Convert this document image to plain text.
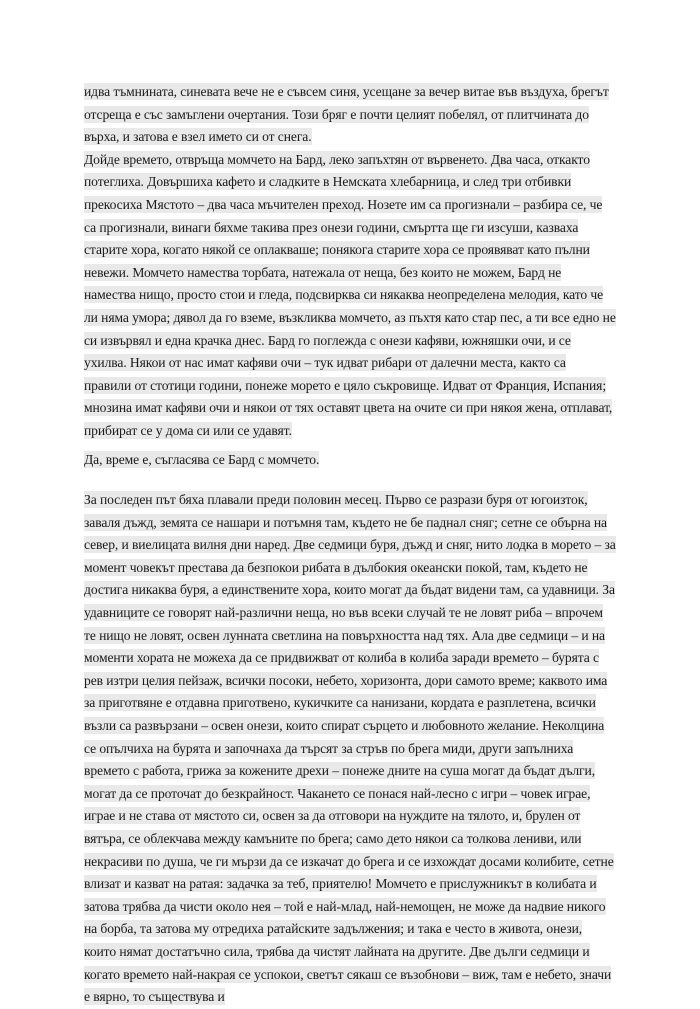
идва тъмнината, синевата вече не е съвсем синя, усещане за вечер витае във въздуха, брегът отсреща е със замъглени очертания. Този бряг е почти целият побелял, от плитчината до върха, и затова е взел името си от снега.

Дойде времето, отвръща момчето на Бард, леко запъхтян от вървенето. Два часа, откакто потеглиха. Довършиха кафето и сладките в Немската хлебарница, и след три отбивки прекосиха Мястото – два часа мъчителен преход. Нозете им са прогизнали – разбира се, че са прогизнали, винаги бяхме такива през онези години, смъртта ще ги изсуши, казваха старите хора, когато някой се оплакваше; понякога старите хора се проявяват като пълни невежи. Момчето намества торбата, натежала от неща, без които не можем, Бард не намества нищо, просто стои и гледа, подсвирква си някаква неопределена мелодия, като че ли няма умора; дявол да го вземе, възкликва момчето, аз пъхтя като стар пес, а ти все едно не си извървял и една крачка днес. Бард го поглежда с онези кафяви, южняшки очи, и се ухилва. Някои от нас имат кафяви очи – тук идват рибари от далечни места, както са правили от стотици години, понеже морето е цяло съкровище. Идват от Франция, Испания; мнозина имат кафяви очи и някои от тях оставят цвета на очите си при някоя жена, отплават, прибират се у дома си или се удавят.

Да, време е, съгласява се Бард с момчето.

За последен път бяха плавали преди половин месец. Първо се разрази буря от югоизток, заваля дъжд, земята се нашари и потъмня там, където не бе паднал сняг; сетне се обърна на север, и виелицата вилня дни наред. Две седмици буря, дъжд и сняг, нито лодка в морето – за момент човекът престава да безпокои рибата в дълбокия океански покой, там, където не достига никаква буря, а единствените хора, които могат да бъдат видени там, са удавници. За удавниците се говорят най-различни неща, но във всеки случай те не ловят риба – впрочем те нищо не ловят, освен лунната светлина на повърхността над тях. Ала две седмици – и на моменти хората не можеха да се придвижват от колиба в колиба заради времето – бурята с рев изтри целия пейзаж, всички посоки, небето, хоризонта, дори самото време; каквото има за приготвяне е отдавна приготвено, кукичките са нанизани, кордата е разплетена, всички възли са развързани – освен онези, които спират сърцето и любовното желание. Неколцина се опълчиха на бурята и започнаха да търсят за стръв по брега миди, други запълниха времето с работа, грижа за кожените дрехи – понеже дните на суша могат да бъдат дълги, могат да се проточат до безкрайност. Чакането се понася най-лесно с игри – човек играе, играе и не става от мястото си, освен за да отговори на нуждите на тялото, и, брулен от вятъра, се облекчава между камъните по брега; само дето някои са толкова лениви, или некрасиви по душа, че ги мързи да се изкачат до брега и се изхождат досами колибите, сетне влизат и казват на ратая: задачка за теб, приятелю! Момчето е прислужникът в колибата и затова трябва да чисти около нея – той е най-млад, най-немощен, не може да надвие никого на борба, та затова му отредиха ратайските задължения; и така е често в живота, онези, които нямат достатъчно сила, трябва да чистят лайната на другите. Две дълги седмици и когато времето най-накрая се успокои, светът сякаш се възобнови – виж, там е небето, значи е вярно, то съществува и
